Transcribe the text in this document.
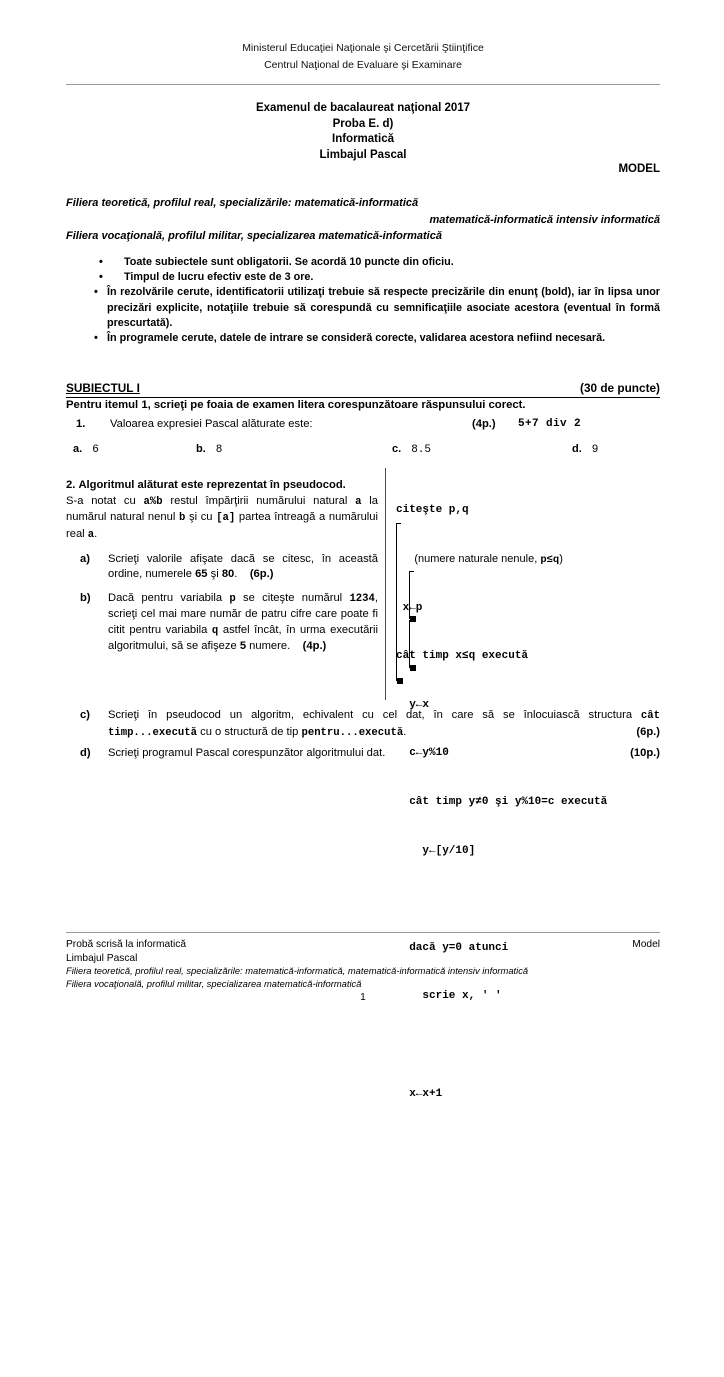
Ministerul Educaţiei Naţionale şi Cercetării Ştiinţifice
Centrul Naţional de Evaluare şi Examinare
Examenul de bacalaureat naţional 2017
Proba E. d)
Informatică
Limbajul Pascal
MODEL
Filiera teoretică, profilul real, specializările: matematică-informatică
matematică-informatică intensiv informatică
Filiera vocaţională, profilul militar, specializarea matematică-informatică
• Toate subiectele sunt obligatorii. Se acordă 10 puncte din oficiu.
• Timpul de lucru efectiv este de 3 ore.
• În rezolvările cerute, identificatorii utilizaţi trebuie să respecte precizările din enunţ (bold), iar în lipsa unor precizări explicite, notaţiile trebuie să corespundă cu semnificaţiile asociate acestora (eventual în formă prescurtată).
• În programele cerute, datele de intrare se consideră corecte, validarea acestora nefiind necesară.
SUBIECTUL I	(30 de puncte)
Pentru itemul 1, scrieţi pe foaia de examen litera corespunzătoare răspunsului corect.
1. Valoarea expresiei Pascal alăturate este:	(4p.) 5+7 div 2
a. 6	b. 8	c. 8.5	d. 9
2. Algoritmul alăturat este reprezentat în pseudocod.
S-a notat cu a%b restul împărţirii numărului natural a la numărul natural nenul b şi cu [a] partea întreagă a numărului real a.
a) Scrieţi valorile afişate dacă se citesc, în această ordine, numerele 65 şi 80. (6p.)
b) Dacă pentru variabila p se citeşte numărul 1234, scrieţi cel mai mare număr de patru cifre care poate fi citit pentru variabila q astfel încât, în urma executării algoritmului, să se afişeze 5 numere. (4p.)

citeşte p,q

(numere naturale nenule, p≤q)

x←p

cât timp x≤q execută

y←x

c←y%10

cât timp y≠0 şi y%10=c execută

y←[y/10]

dacă y=0 atunci

scrie x, ' '

x←x+1

c) Scrieţi în pseudocod un algoritm, echivalent cu cel dat, în care să se înlocuiască structura cât timp...execută cu o structură de tip pentru...execută.	(6p.)
d) Scrieţi programul Pascal corespunzător algoritmului dat.	(10p.)
Probă scrisă la informatică	Model
Limbajul Pascal
Filiera teoretică, profilul real, specializările: matematică-informatică, matematică-informatică intensiv informatică
Filiera vocaţională, profilul militar, specializarea matematică-informatică
1
